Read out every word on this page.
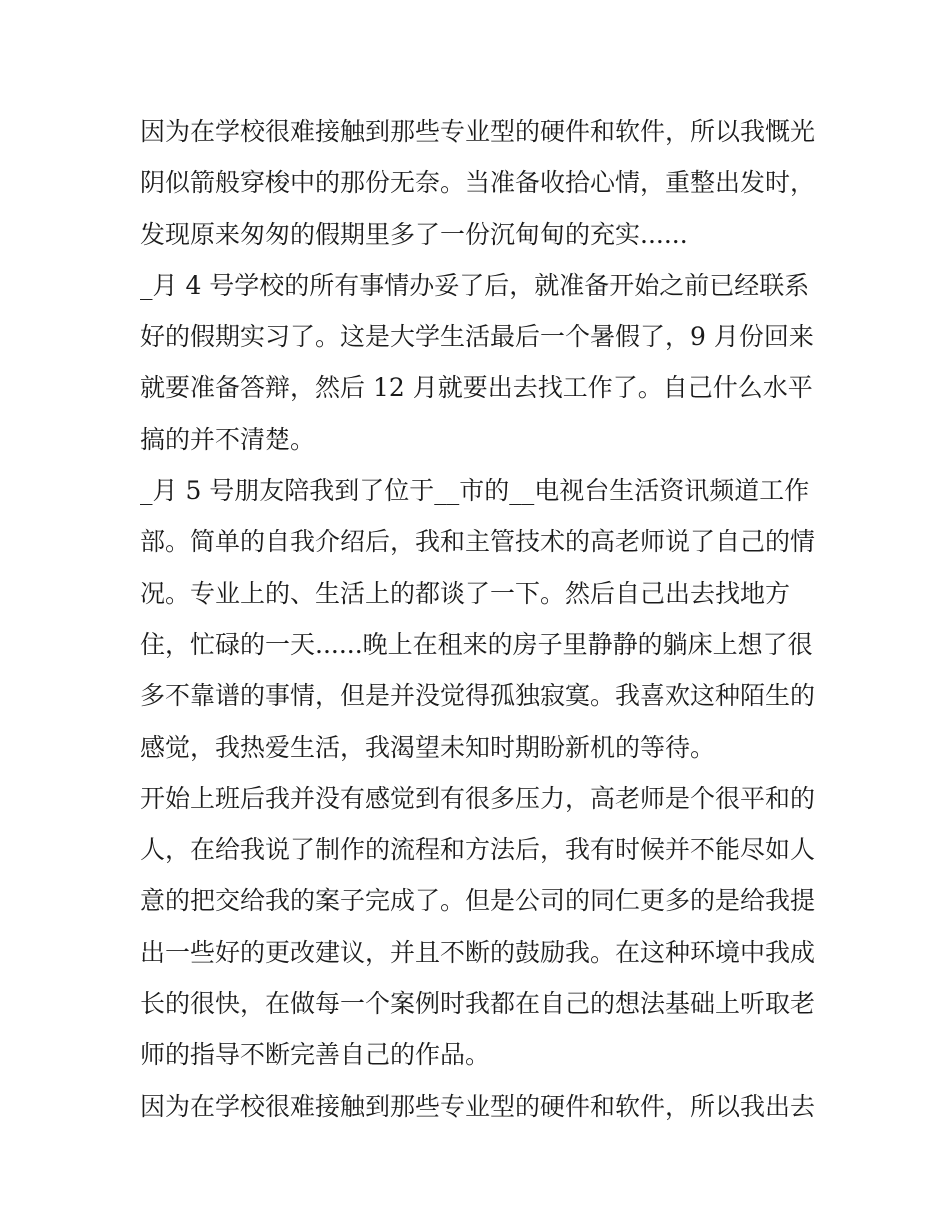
因为在学校很难接触到那些专业型的硬件和软件，所以我慨光
阴似箭般穿梭中的那份无奈。当准备收拾心情，重整出发时，
发现原来匆匆的假期里多了一份沉甸甸的充实......
_月 4 号学校的所有事情办妥了后，就准备开始之前已经联系
好的假期实习了。这是大学生活最后一个暑假了，9 月份回来
就要准备答辩，然后 12 月就要出去找工作了。自己什么水平
搞的并不清楚。
_月 5 号朋友陪我到了位于__市的__电视台生活资讯频道工作
部。简单的自我介绍后，我和主管技术的高老师说了自己的情
况。专业上的、生活上的都谈了一下。然后自己出去找地方
住，忙碌的一天......晚上在租来的房子里静静的躺床上想了很
多不靠谱的事情，但是并没觉得孤独寂寞。我喜欢这种陌生的
感觉，我热爱生活，我渴望未知时期盼新机的等待。
开始上班后我并没有感觉到有很多压力，高老师是个很平和的
人，在给我说了制作的流程和方法后，我有时候并不能尽如人
意的把交给我的案子完成了。但是公司的同仁更多的是给我提
出一些好的更改建议，并且不断的鼓励我。在这种环境中我成
长的很快，在做每一个案例时我都在自己的想法基础上听取老
师的指导不断完善自己的作品。
因为在学校很难接触到那些专业型的硬件和软件，所以我出去
